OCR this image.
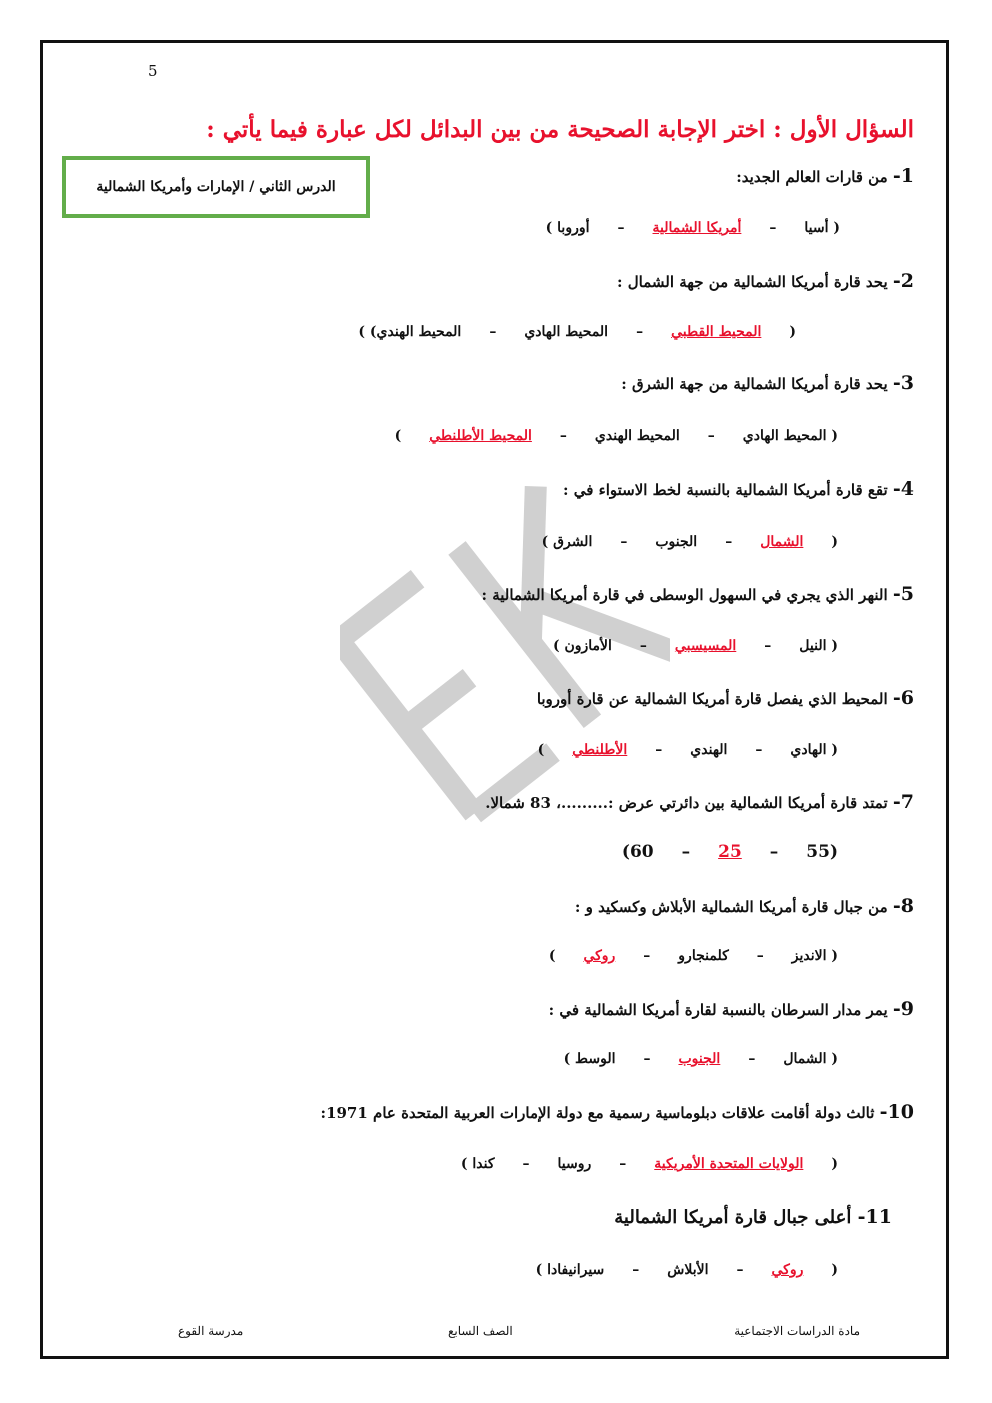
5
السؤال الأول : اختر الإجابة الصحيحة من بين البدائل لكل عبارة فيما يأتي :
الدرس الثاني / الإمارات وأمريكا الشمالية	1- من قارات العالم الجديد:
( أسيا–أمريكا الشمالية–أوروبا )
2- يحد قارة أمريكا الشمالية من جهة الشمال :
(المحيط القطبي–المحيط الهادي–المحيط الهندي) )
3- يحد قارة أمريكا الشمالية من جهة الشرق :
( المحيط الهادي–المحيط الهندي–المحيط الأطلنطي)
4- تقع قارة أمريكا الشمالية بالنسبة لخط الاستواء في :
(الشمال–الجنوب–الشرق )
5- النهر الذي يجري في السهول الوسطى في قارة أمريكا الشمالية :
( النيل–المسيسبي–الأمازون )
6- المحيط الذي يفصل قارة أمريكا الشمالية عن قارة أوروبا
( الهادي–الهندي–الأطلنطي)
7- تمتد قارة أمريكا الشمالية بين دائرتي عرض :.........، 83 شمالا.
(55–25–60)
8- من جبال قارة أمريكا الشمالية الأبلاش وكسكيد و :
( الانديز–كلمنجارو–روكي)
9- يمر مدار السرطان بالنسبة لقارة أمريكا الشمالية في :
( الشمال–الجنوب–الوسط )
10- ثالث دولة أقامت علاقات دبلوماسية رسمية مع دولة الإمارات العربية المتحدة عام 1971:
(الولايات المتحدة الأمريكية–روسيا–كندا )
11- أعلى جبال قارة أمريكا الشمالية
(روكي–الأبلاش–سيرانيفادا )
مادة الدراسات الاجتماعية
الصف السابع
مدرسة القوع
